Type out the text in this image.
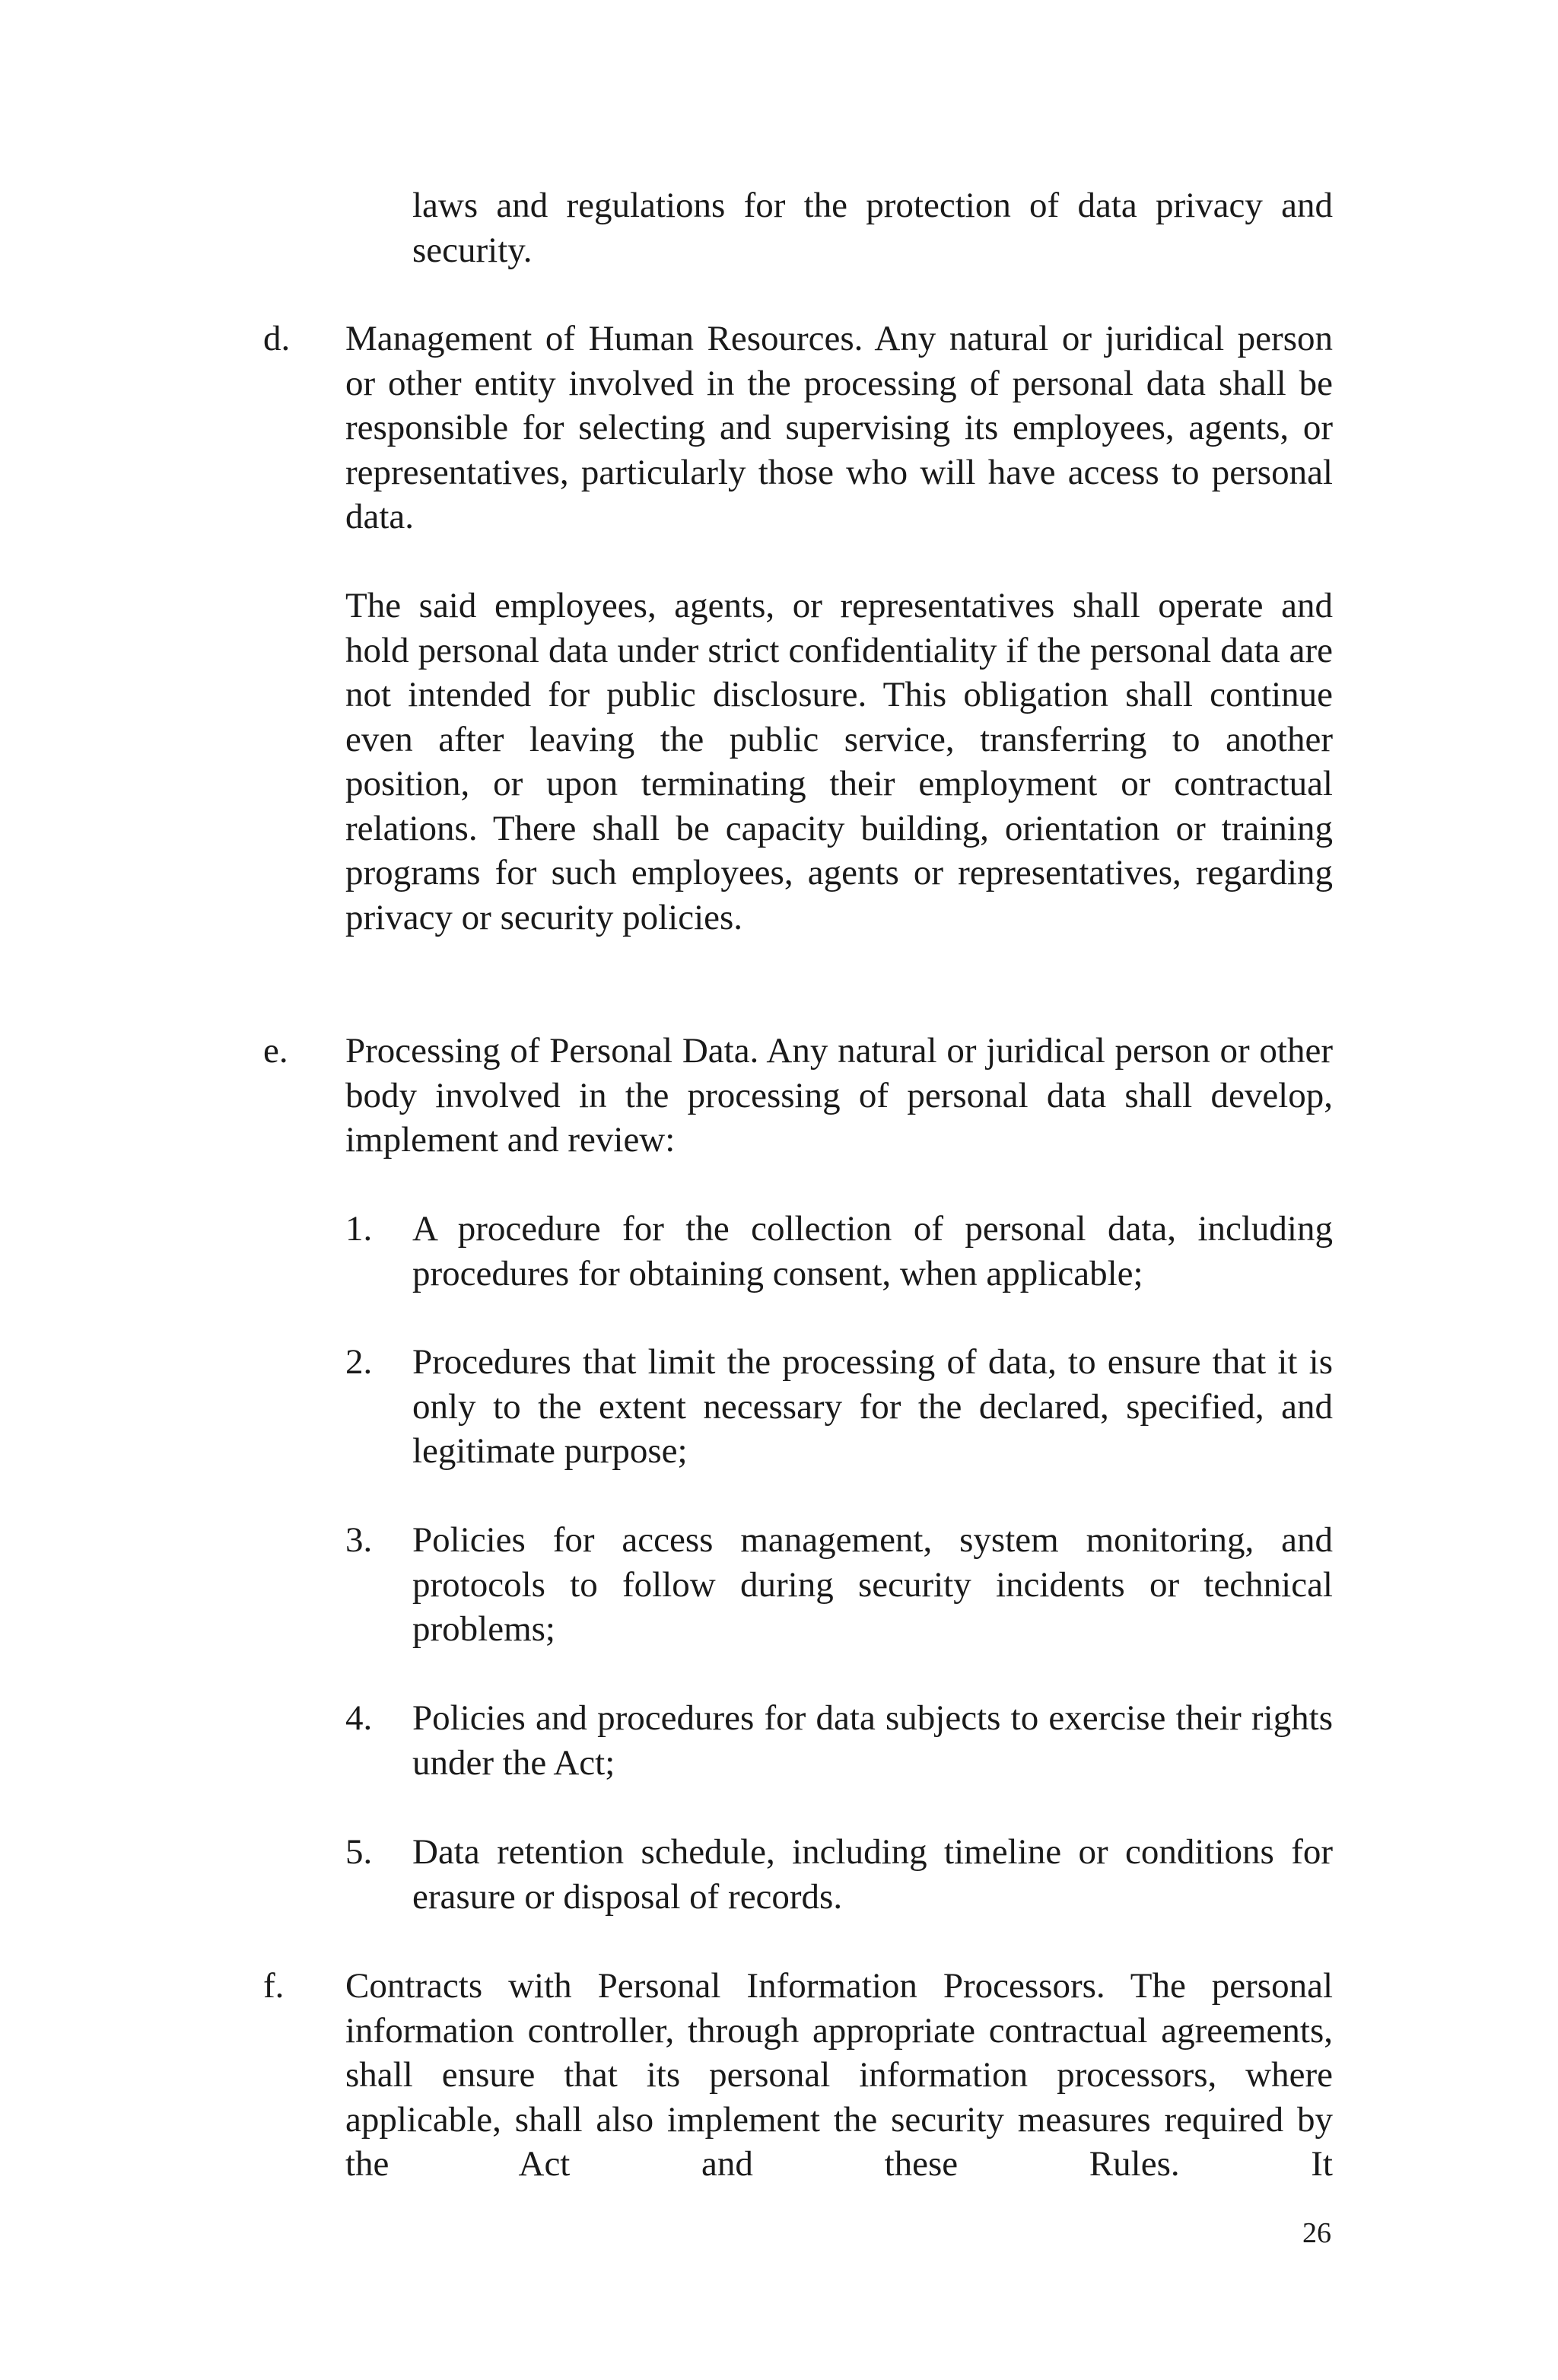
laws and regulations for the protection of data privacy and security.

d. Management of Human Resources. Any natural or juridical person or other entity involved in the processing of personal data shall be responsible for selecting and supervising its employees, agents, or representatives, particularly those who will have access to personal data.

The said employees, agents, or representatives shall operate and hold personal data under strict confidentiality if the personal data are not intended for public disclosure. This obligation shall continue even after leaving the public service, transferring to another position, or upon terminating their employment or contractual relations. There shall be capacity building, orientation or training programs for such employees, agents or representatives, regarding privacy or security policies.

e. Processing of Personal Data. Any natural or juridical person or other body involved in the processing of personal data shall develop, implement and review:

1. A procedure for the collection of personal data, including procedures for obtaining consent, when applicable;

2. Procedures that limit the processing of data, to ensure that it is only to the extent necessary for the declared, specified, and legitimate purpose;

3. Policies for access management, system monitoring, and protocols to follow during security incidents or technical problems;

4. Policies and procedures for data subjects to exercise their rights under the Act;

5. Data retention schedule, including timeline or conditions for erasure or disposal of records.

f. Contracts with Personal Information Processors. The personal information controller, through appropriate contractual agreements, shall ensure that its personal information processors, where applicable, shall also implement the security measures required by the Act and these Rules. It

26
